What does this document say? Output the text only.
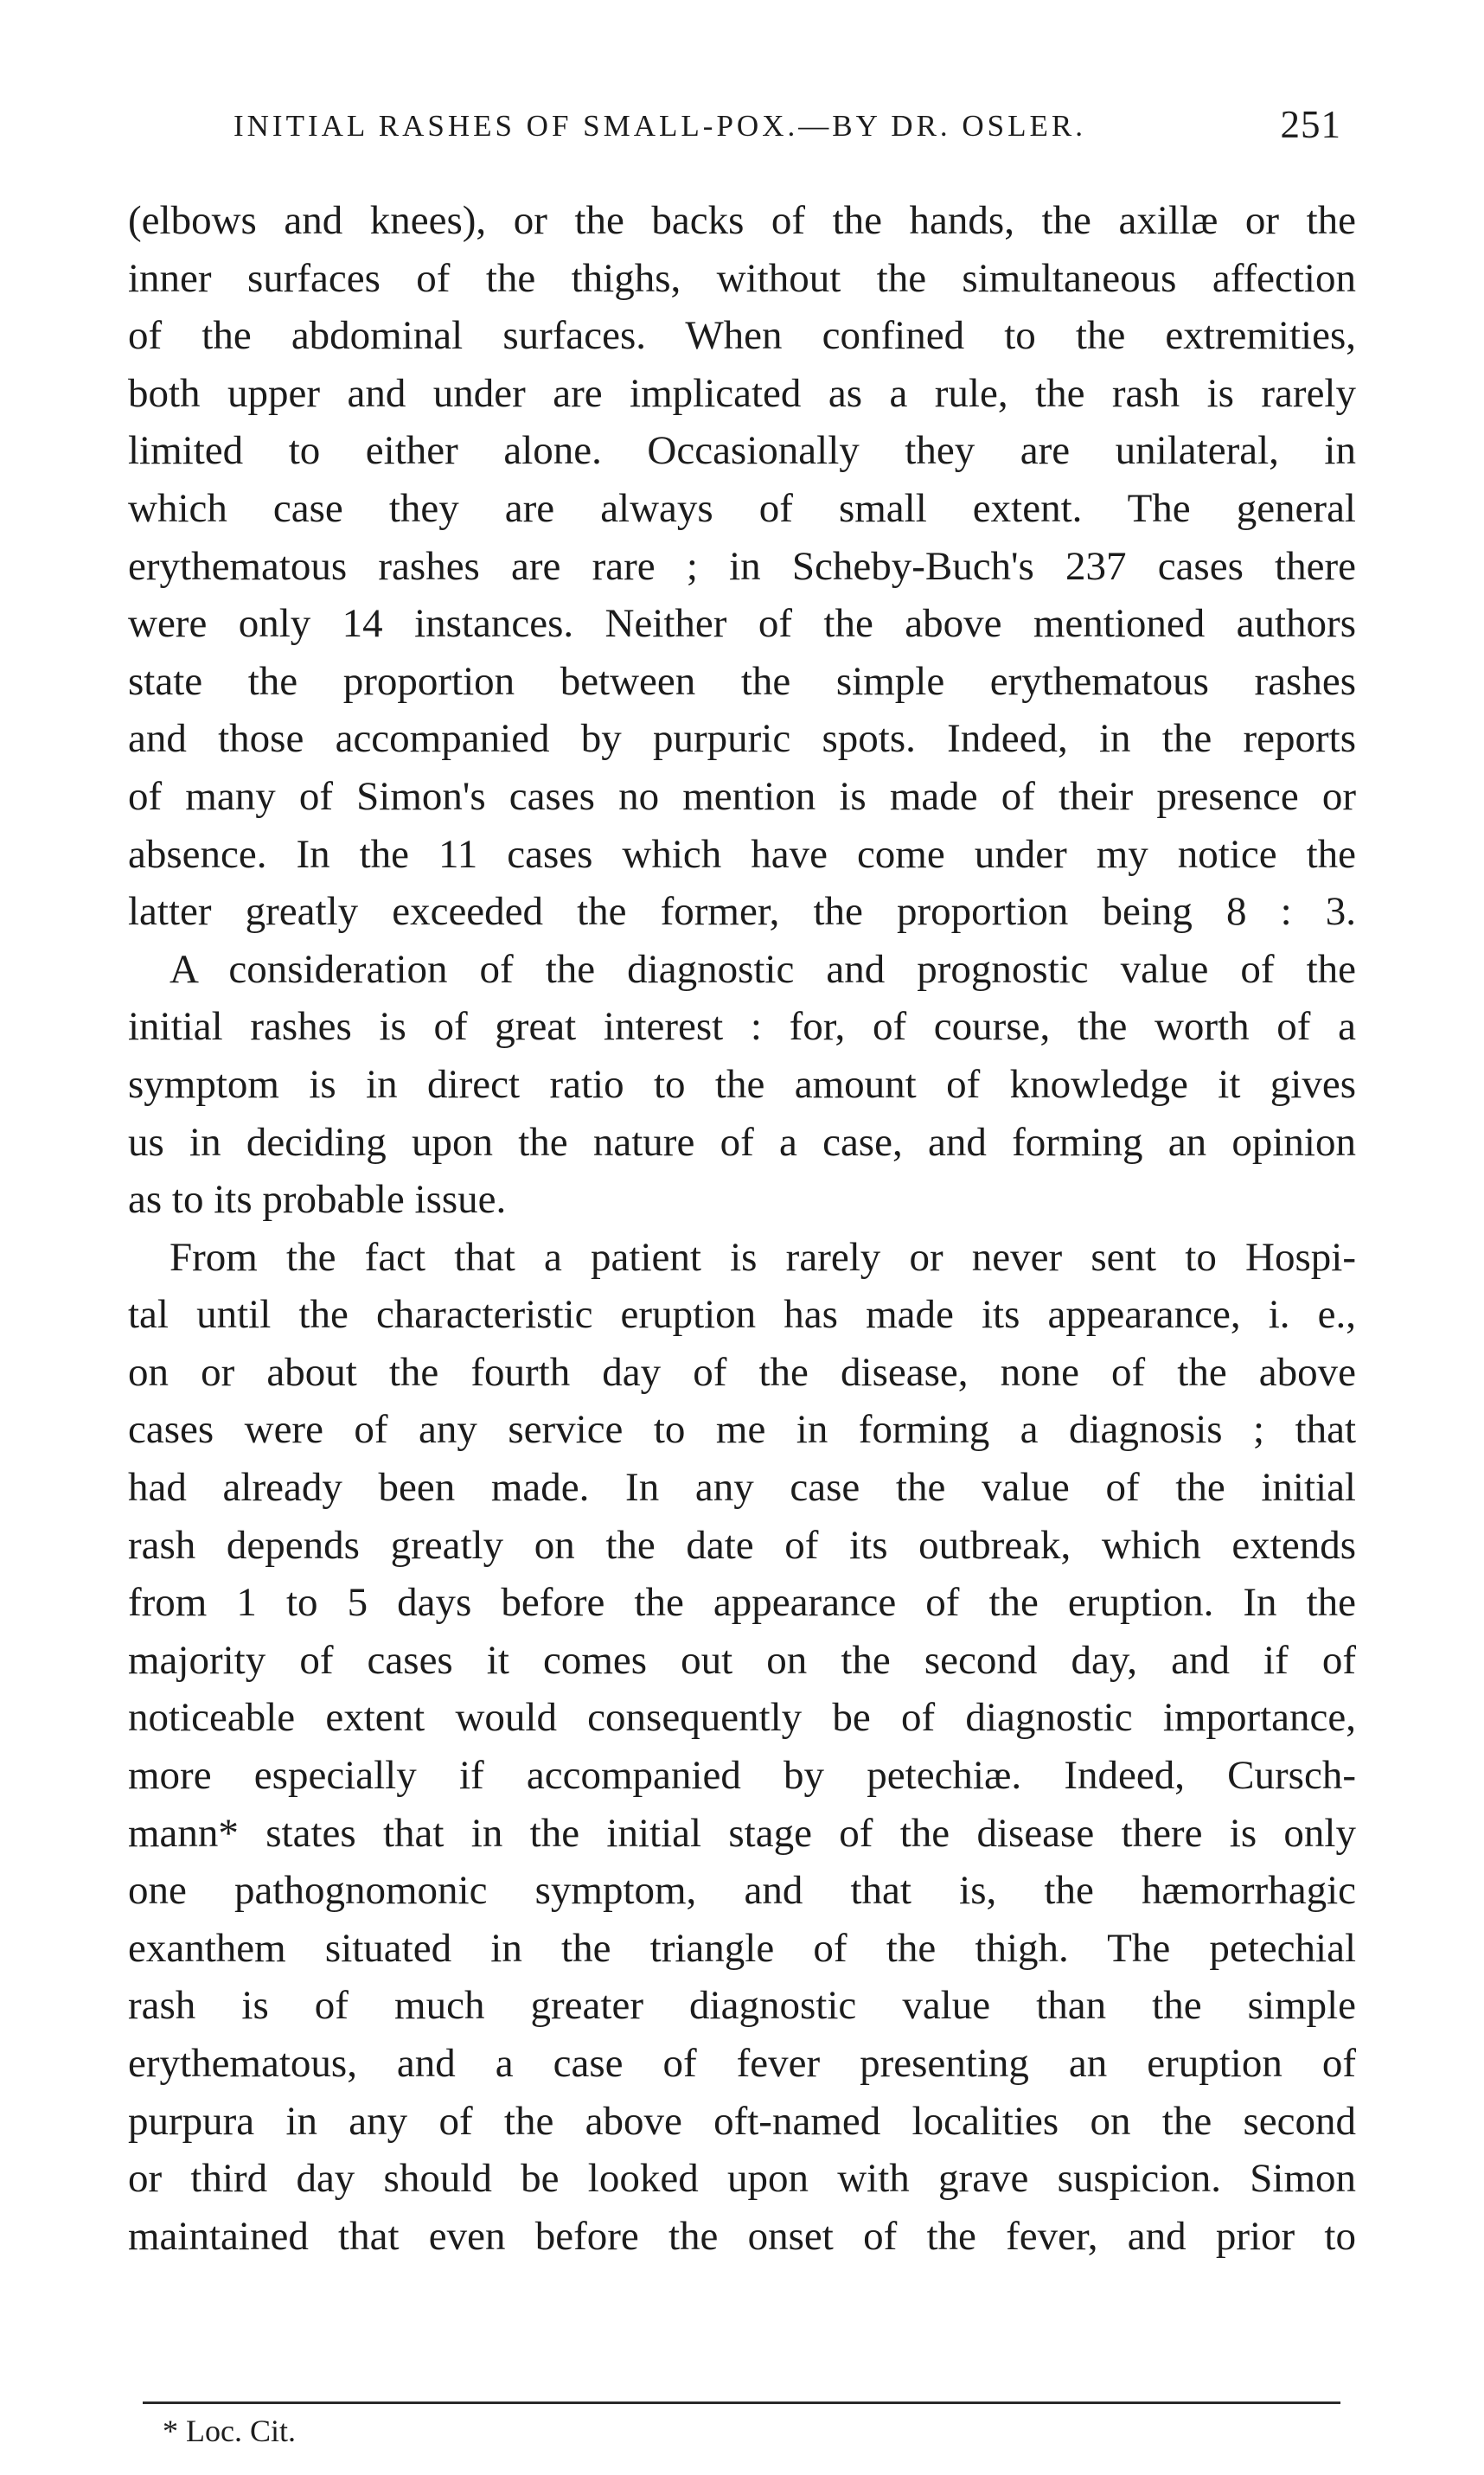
INITIAL RASHES OF SMALL-POX.—BY DR. OSLER.	251
(elbows and knees), or the backs of the hands, the axillæ or the
inner surfaces of the thighs, without the simultaneous affection
of the abdominal surfaces. When confined to the extremities,
both upper and under are implicated as a rule, the rash is rarely
limited to either alone. Occasionally they are unilateral, in
which case they are always of small extent. The general
erythematous rashes are rare ; in Scheby-Buch's 237 cases there
were only 14 instances. Neither of the above mentioned authors
state the proportion between the simple erythematous rashes
and those accompanied by purpuric spots. Indeed, in the reports
of many of Simon's cases no mention is made of their presence or
absence. In the 11 cases which have come under my notice the
latter greatly exceeded the former, the proportion being 8 : 3.
A consideration of the diagnostic and prognostic value of the
initial rashes is of great interest : for, of course, the worth of a
symptom is in direct ratio to the amount of knowledge it gives
us in deciding upon the nature of a case, and forming an opinion
as to its probable issue.
From the fact that a patient is rarely or never sent to Hospi-
tal until the characteristic eruption has made its appearance, i. e.,
on or about the fourth day of the disease, none of the above
cases were of any service to me in forming a diagnosis ; that
had already been made. In any case the value of the initial
rash depends greatly on the date of its outbreak, which extends
from 1 to 5 days before the appearance of the eruption. In the
majority of cases it comes out on the second day, and if of
noticeable extent would consequently be of diagnostic importance,
more especially if accompanied by petechiæ. Indeed, Cursch-
mann* states that in the initial stage of the disease there is only
one pathognomonic symptom, and that is, the hæmorrhagic
exanthem situated in the triangle of the thigh. The petechial
rash is of much greater diagnostic value than the simple
erythematous, and a case of fever presenting an eruption of
purpura in any of the above oft-named localities on the second
or third day should be looked upon with grave suspicion. Simon
maintained that even before the onset of the fever, and prior to
* Loc. Cit.
